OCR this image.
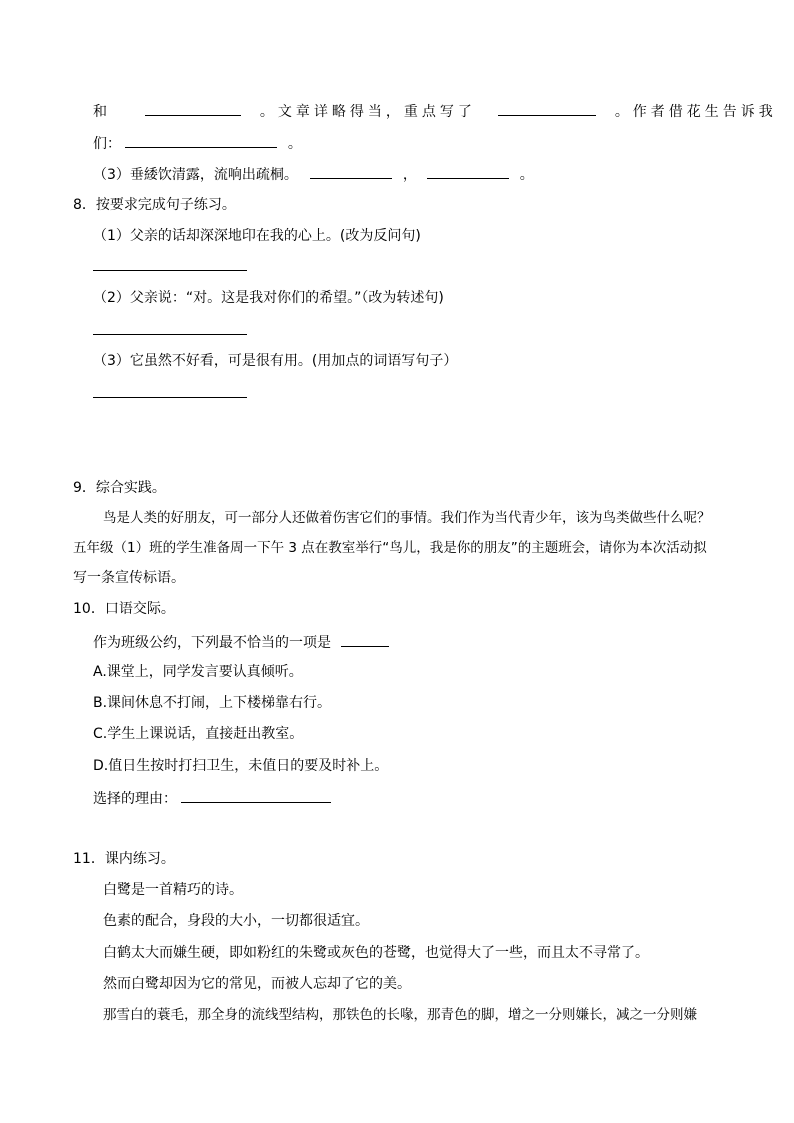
和	。文章详略得当，重点写了	。作者借花生告诉我
们：	。
（3）垂緌饮清露，流响出疏桐。	，	。
8．按要求完成句子练习。
（1）父亲的话却深深地印在我的心上。(改为反问句)
（2）父亲说：“对。这是我对你们的希望。”（改为转述句)
（3）它虽然不好看，可是很有用。(用加点的词语写句子）
9．综合实践。
鸟是人类的好朋友，可一部分人还做着伤害它们的事情。我们作为当代青少年，该为鸟类做些什么呢？
五年级（1）班的学生准备周一下午 3 点在教室举行“鸟儿，我是你的朋友”的主题班会，请你为本次活动拟
写一条宣传标语。
10．口语交际。
作为班级公约，下列最不恰当的一项是
A.课堂上，同学发言要认真倾听。
B.课间休息不打闹，上下楼梯靠右行。
C.学生上课说话，直接赶出教室。
D.值日生按时打扫卫生，未值日的要及时补上。
选择的理由：
11．课内练习。
白鹭是一首精巧的诗。
色素的配合，身段的大小，一切都很适宜。
白鹤太大而嫌生硬，即如粉红的朱鹭或灰色的苍鹭，也觉得大了一些，而且太不寻常了。
然而白鹭却因为它的常见，而被人忘却了它的美。
那雪白的蓑毛，那全身的流线型结构，那铁色的长喙，那青色的脚，增之一分则嫌长，减之一分则嫌
